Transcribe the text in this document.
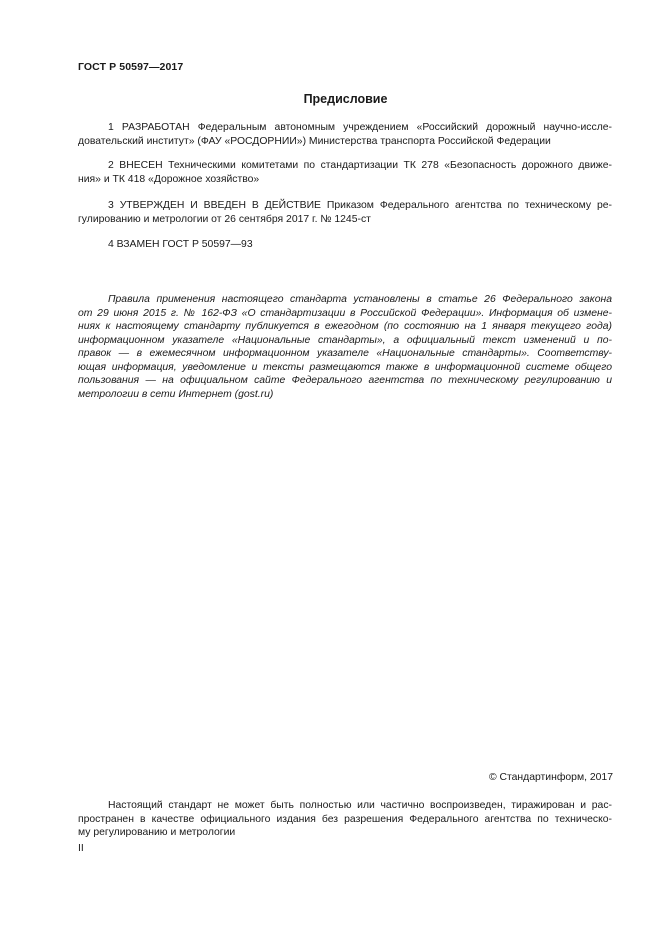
ГОСТ Р 50597—2017
Предисловие
1 РАЗРАБОТАН Федеральным автономным учреждением «Российский дорожный научно-иссле-
довательский институт» (ФАУ «РОСДОРНИИ») Министерства транспорта Российской Федерации
2 ВНЕСЕН Техническими комитетами по стандартизации ТК 278 «Безопасность дорожного движе-
ния» и ТК 418 «Дорожное хозяйство»
3 УТВЕРЖДЕН И ВВЕДЕН В ДЕЙСТВИЕ Приказом Федерального агентства по техническому ре-
гулированию и метрологии от 26 сентября 2017 г. № 1245-ст
4 ВЗАМЕН ГОСТ Р 50597—93
Правила применения настоящего стандарта установлены в статье 26 Федерального закона
от 29 июня 2015 г. № 162-ФЗ «О стандартизации в Российской Федерации». Информация об измене-
ниях к настоящему стандарту публикуется в ежегодном (по состоянию на 1 января текущего года)
информационном указателе «Национальные стандарты», а официальный текст изменений и по-
правок — в ежемесячном информационном указателе «Национальные стандарты». Соответству-
ющая информация, уведомление и тексты размещаются также в информационной системе общего
пользования — на официальном сайте Федерального агентства по техническому регулированию и
метрологии в сети Интернет (gost.ru)
© Стандартинформ, 2017
Настоящий стандарт не может быть полностью или частично воспроизведен, тиражирован и рас-
пространен в качестве официального издания без разрешения Федерального агентства по техническо-
му регулированию и метрологии
II
